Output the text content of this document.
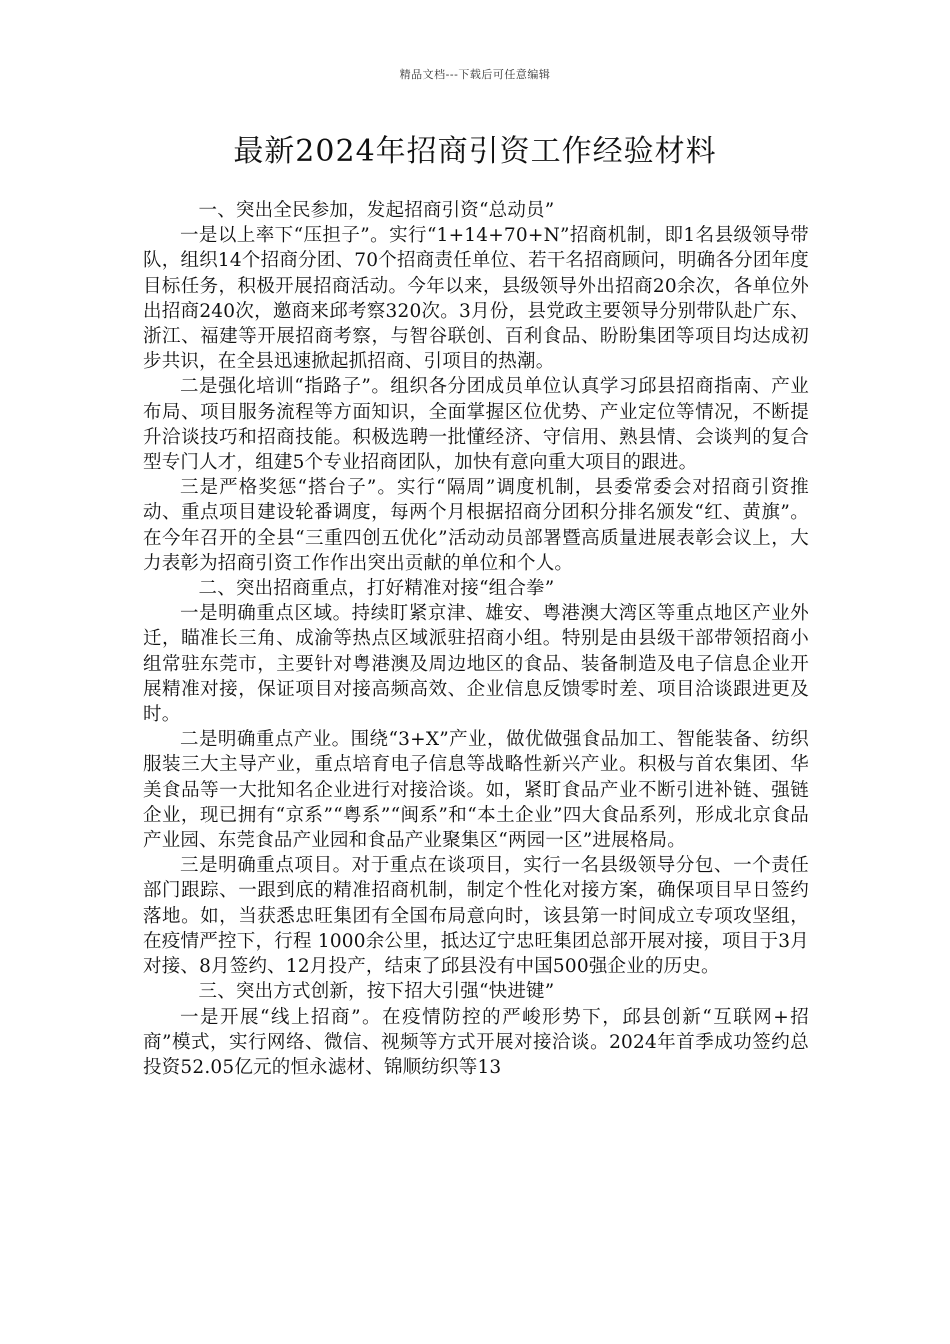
精品文档---下载后可任意编辑
最新2024年招商引资工作经验材料

一、突出全民参加，发起招商引资“总动员”

一是以上率下“压担子”。实行“1+14+70+N”招商机制，即1名县级领导带队，组织14个招商分团、70个招商责任单位、若干名招商顾问，明确各分团年度目标任务，积极开展招商活动。今年以来，县级领导外出招商20余次，各单位外出招商240次，邀商来邱考察320次。3月份，县党政主要领导分别带队赴广东、浙江、福建等开展招商考察，与智谷联创、百利食品、盼盼集团等项目均达成初步共识，在全县迅速掀起抓招商、引项目的热潮。

二是强化培训“指路子”。组织各分团成员单位认真学习邱县招商指南、产业布局、项目服务流程等方面知识，全面掌握区位优势、产业定位等情况，不断提升洽谈技巧和招商技能。积极选聘一批懂经济、守信用、熟县情、会谈判的复合型专门人才，组建5个专业招商团队，加快有意向重大项目的跟进。

三是严格奖惩“搭台子”。实行“隔周”调度机制，县委常委会对招商引资推动、重点项目建设轮番调度，每两个月根据招商分团积分排名颁发“红、黄旗”。在今年召开的全县“三重四创五优化”活动动员部署暨高质量进展表彰会议上，大力表彰为招商引资工作作出突出贡献的单位和个人。

二、突出招商重点，打好精准对接“组合拳”

一是明确重点区域。持续盯紧京津、雄安、粤港澳大湾区等重点地区产业外迁，瞄准长三角、成渝等热点区域派驻招商小组。特别是由县级干部带领招商小组常驻东莞市，主要针对粤港澳及周边地区的食品、装备制造及电子信息企业开展精准对接，保证项目对接高频高效、企业信息反馈零时差、项目洽谈跟进更及时。

二是明确重点产业。围绕“3+X”产业，做优做强食品加工、智能装备、纺织服装三大主导产业，重点培育电子信息等战略性新兴产业。积极与首农集团、华美食品等一大批知名企业进行对接洽谈。如，紧盯食品产业不断引进补链、强链企业，现已拥有“京系”“粤系”“闽系”和“本土企业”四大食品系列，形成北京食品产业园、东莞食品产业园和食品产业聚集区“两园一区”进展格局。

三是明确重点项目。对于重点在谈项目，实行一名县级领导分包、一个责任部门跟踪、一跟到底的精准招商机制，制定个性化对接方案，确保项目早日签约落地。如，当获悉忠旺集团有全国布局意向时，该县第一时间成立专项攻坚组，在疫情严控下，行程 1000余公里，抵达辽宁忠旺集团总部开展对接，项目于3月对接、8月签约、12月投产，结束了邱县没有中国500强企业的历史。

三、突出方式创新，按下招大引强“快进键”

一是开展“线上招商”。在疫情防控的严峻形势下，邱县创新“互联网+招商”模式，实行网络、微信、视频等方式开展对接洽谈。2024年首季成功签约总投资52.05亿元的恒永滤材、锦顺纺织等13
